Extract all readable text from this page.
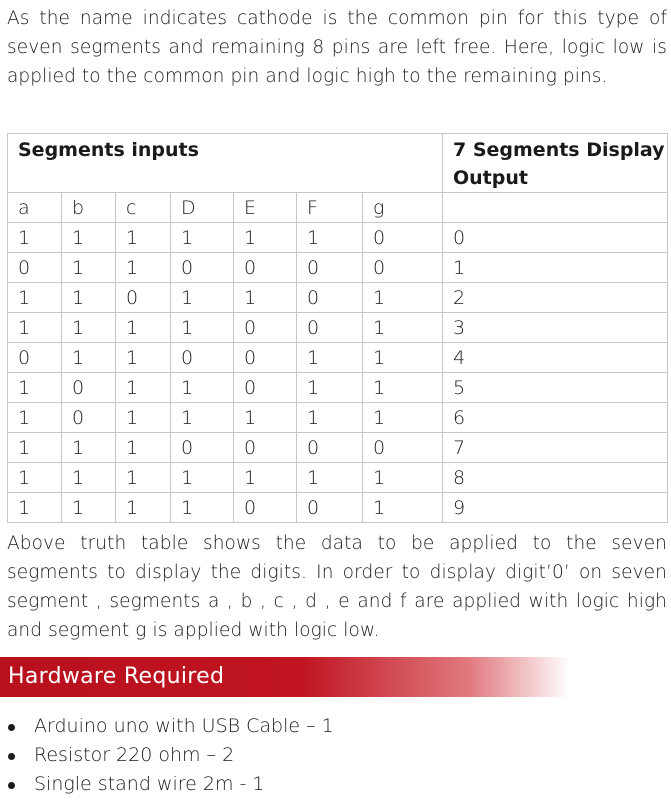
As the name indicates cathode is the common pin for this type of seven segments and remaining 8 pins are left free. Here, logic low is applied to the common pin and logic high to the remaining pins.

Segments inputs							7 Segments Display Output
a	b	c	D	E	F	g	
1	1	1	1	1	1	0	0
0	1	1	0	0	0	0	1
1	1	0	1	1	0	1	2
1	1	1	1	0	0	1	3
0	1	1	0	0	1	1	4
1	0	1	1	0	1	1	5
1	0	1	1	1	1	1	6
1	1	1	0	0	0	0	7
1	1	1	1	1	1	1	8
1	1	1	1	0	0	1	9

Above truth table shows the data to be applied to the seven segments to display the digits. In order to display digit’0’ on seven segment , segments a , b , c , d , e and f are applied with logic high and segment g is applied with logic low.

Hardware Required
Arduino uno with USB Cable – 1
Resistor 220 ohm – 2
Single stand wire 2m - 1
